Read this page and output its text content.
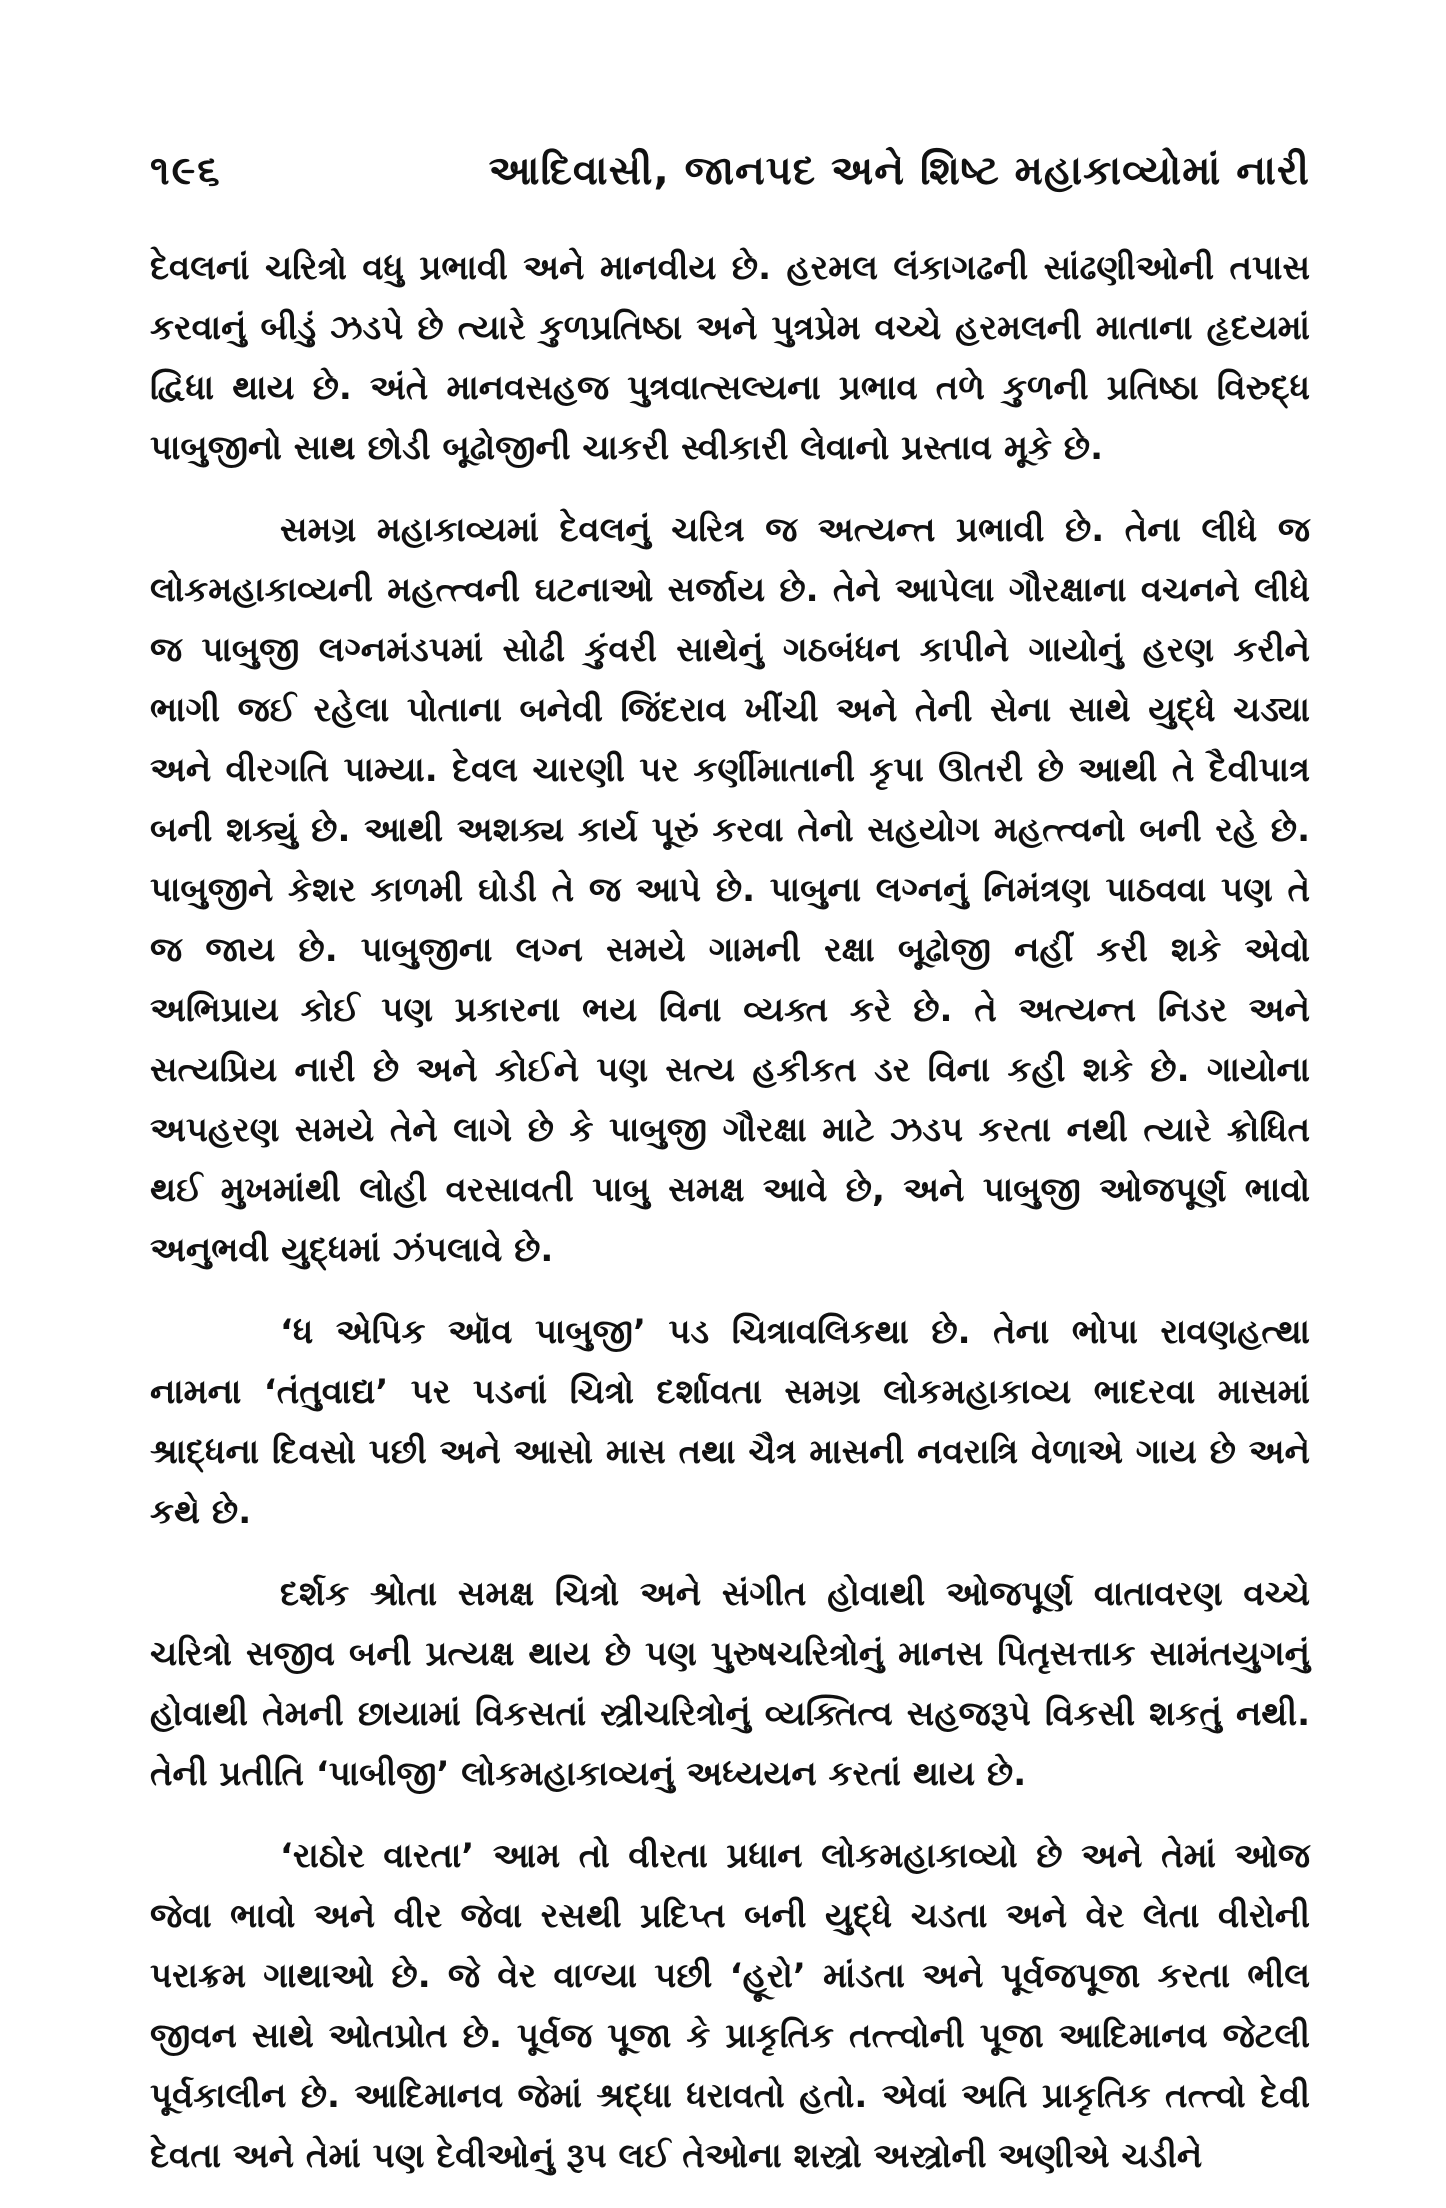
૧૯૬	આદિવાસી, જાનપદ અને શિષ્ટ મહાકાવ્યોમાં નારી

દેવલનાં ચરિત્રો વધુ પ્રભાવી અને માનવીય છે. હરમલ લંકાગઢની સાંઢણીઓની તપાસ કરવાનું બીડું ઝડપે છે ત્યારે કુળપ્રતિષ્ઠા અને પુત્રપ્રેમ વચ્ચે હરમલની માતાના હૃદયમાં દ્વિધા થાય છે. અંતે માનવસહજ પુત્રવાત્સલ્યના પ્રભાવ તળે કુળની પ્રતિષ્ઠા વિરુદ્ધ પાબુજીનો સાથ છોડી બૂઢોજીની ચાકરી સ્વીકારી લેવાનો પ્રસ્તાવ મૂકે છે.

સમગ્ર મહાકાવ્યમાં દેવલનું ચરિત્ર જ અત્યન્ત પ્રભાવી છે. તેના લીધે જ લોકમહાકાવ્યની મહત્ત્વની ઘટનાઓ સર્જાય છે. તેને આપેલા ગૌરક્ષાના વચનને લીધે જ પાબુજી લગ્નમંડપમાં સોઢી કુંવરી સાથેનું ગઠબંધન કાપીને ગાયોનું હરણ કરીને ભાગી જઈ રહેલા પોતાના બનેવી જિંદરાવ ખીંચી અને તેની સેના સાથે યુદ્ધે ચડ્યા અને વીરગતિ પામ્યા. દેવલ ચારણી પર કર્ણીમાતાની કૃપા ઊતરી છે આથી તે દૈવીપાત્ર બની શક્યું છે. આથી અશક્ય કાર્ય પૂરું કરવા તેનો સહયોગ મહત્ત્વનો બની રહે છે. પાબુજીને કેશર કાળમી ઘોડી તે જ આપે છે. પાબુના લગ્નનું નિમંત્રણ પાઠવવા પણ તે જ જાય છે. પાબુજીના લગ્ન સમયે ગામની રક્ષા બૂઢોજી નહીં કરી શકે એવો અભિપ્રાય કોઈ પણ પ્રકારના ભય વિના વ્યક્ત કરે છે. તે અત્યન્ત નિડર અને સત્યપ્રિય નારી છે અને કોઈને પણ સત્ય હકીકત ડર વિના કહી શકે છે. ગાયોના અપહરણ સમયે તેને લાગે છે કે પાબુજી ગૌરક્ષા માટે ઝડપ કરતા નથી ત્યારે ક્રોધિત થઈ મુખમાંથી લોહી વરસાવતી પાબુ સમક્ષ આવે છે, અને પાબુજી ઓજપૂર્ણ ભાવો અનુભવી યુદ્ધમાં ઝંપલાવે છે.

‘ધ એપિક ઑવ પાબુજી’ પડ ચિત્રાવલિકથા છે. તેના ભોપા રાવણહત્થા નામના ‘તંતુવાદ્ય’ પર પડનાં ચિત્રો દર્શાવતા સમગ્ર લોકમહાકાવ્ય ભાદરવા માસમાં શ્રાદ્ધના દિવસો પછી અને આસો માસ તથા ચૈત્ર માસની નવરાત્રિ વેળાએ ગાય છે અને કથે છે.

દર્શક શ્રોતા સમક્ષ ચિત્રો અને સંગીત હોવાથી ઓજપૂર્ણ વાતાવરણ વચ્ચે ચરિત્રો સજીવ બની પ્રત્યક્ષ થાય છે પણ પુરુષચરિત્રોનું માનસ પિતૃસત્તાક સામંતયુગનું હોવાથી તેમની છાયામાં વિકસતાં સ્ત્રીચરિત્રોનું વ્યક્તિત્વ સહજરૂપે વિકસી શકતું નથી. તેની પ્રતીતિ ‘પાબીજી’ લોકમહાકાવ્યનું અધ્યયન કરતાં થાય છે.

‘રાઠોર વારતા’ આમ તો વીરતા પ્રધાન લોકમહાકાવ્યો છે અને તેમાં ઓજ જેવા ભાવો અને વીર જેવા રસથી પ્રદિપ્ત બની યુદ્ધે ચડતા અને વેર લેતા વીરોની પરાક્રમ ગાથાઓ છે. જે વેર વાળ્યા પછી ‘હૂરો’ માંડતા અને પૂર્વજપૂજા કરતા ભીલ જીવન સાથે ઓતપ્રોત છે. પૂર્વજ પૂજા કે પ્રાકૃતિક તત્ત્વોની પૂજા આદિમાનવ જેટલી પૂર્વકાલીન છે. આદિમાનવ જેમાં શ્રદ્ધા ધરાવતો હતો. એવાં અતિ પ્રાકૃતિક તત્ત્વો દેવી દેવતા અને તેમાં પણ દેવીઓનું રૂપ લઈ તેઓના શસ્ત્રો અસ્ત્રોની અણીએ ચડીને
